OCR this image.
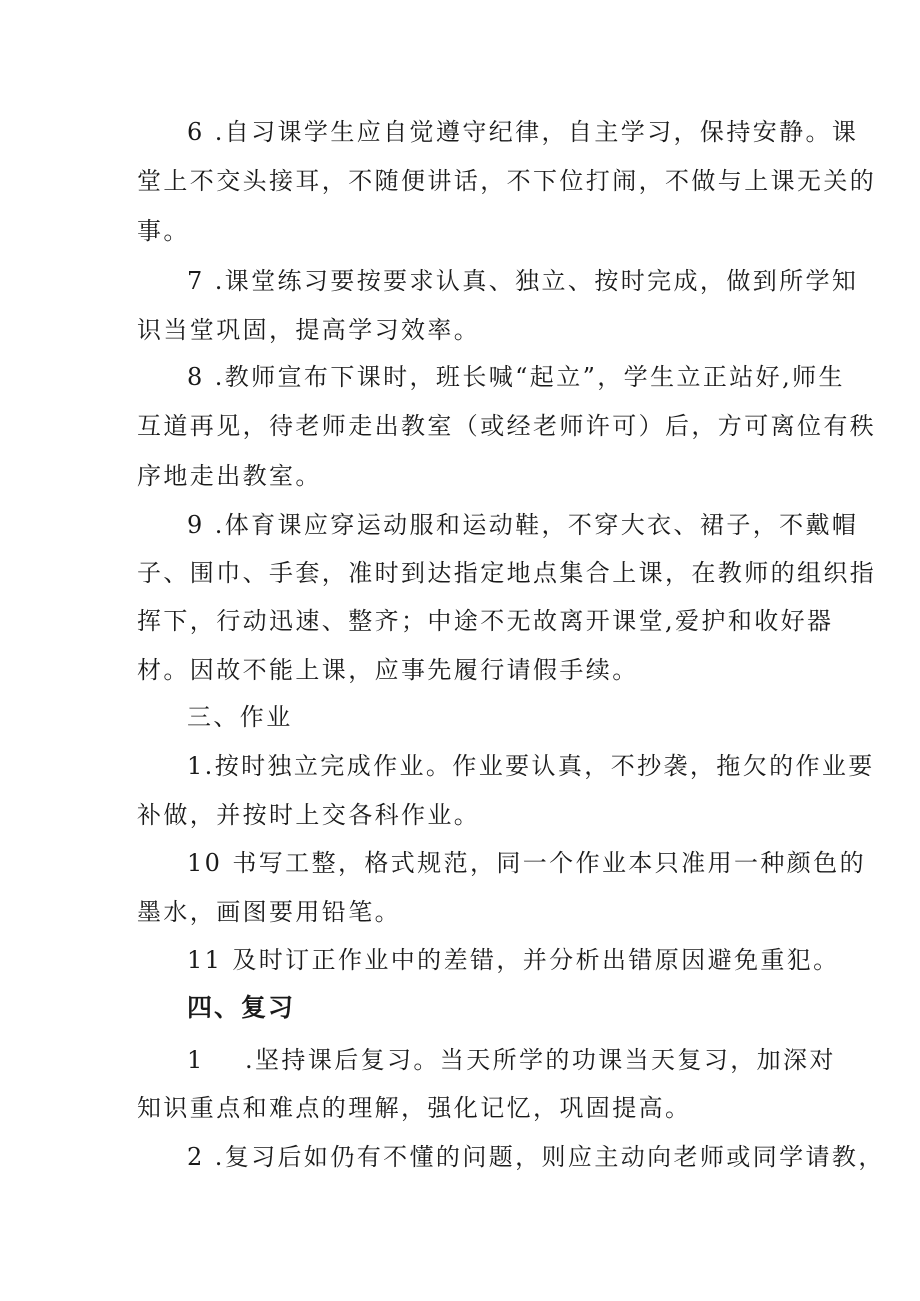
6 .自习课学生应自觉遵守纪律，自主学习，保持安静。课
堂上不交头接耳，不随便讲话，不下位打闹，不做与上课无关的
事。
7 .课堂练习要按要求认真、独立、按时完成，做到所学知
识当堂巩固，提高学习效率。
8 .教师宣布下课时，班长喊“起立”，学生立正站好,师生
互道再见，待老师走出教室（或经老师许可）后，方可离位有秩
序地走出教室。
9 .体育课应穿运动服和运动鞋，不穿大衣、裙子，不戴帽
子、围巾、手套，准时到达指定地点集合上课，在教师的组织指
挥下，行动迅速、整齐；中途不无故离开课堂,爱护和收好器
材。因故不能上课，应事先履行请假手续。
三、作业
1.按时独立完成作业。作业要认真，不抄袭，拖欠的作业要
补做，并按时上交各科作业。
10 书写工整，格式规范，同一个作业本只准用一种颜色的
墨水，画图要用铅笔。
11 及时订正作业中的差错，并分析出错原因避免重犯。
四、复习
1 .坚持课后复习。当天所学的功课当天复习，加深对
知识重点和难点的理解，强化记忆，巩固提高。
2 .复习后如仍有不懂的问题，则应主动向老师或同学请教，
